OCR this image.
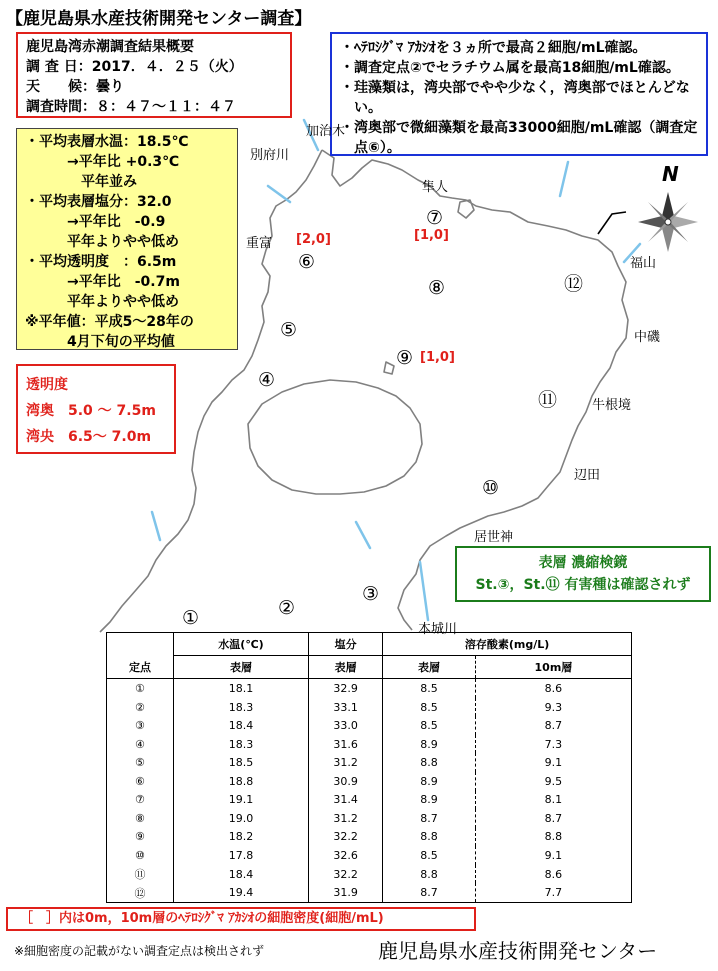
【鹿児島県水産技術開発センター調査】
鹿児島湾赤潮調査結果概要
調 査 日：2017．４．２５（火）
天　　候：曇り
調査時間：８：４７～１１：４７
・ﾍﾃﾛｼｸﾞﾏ ｱｶｼｵを３ヵ所で最高２細胞/mL確認。
・調査定点②でセラチウム属を最高18細胞/mL確認。
・珪藻類は，湾央部でやや少なく，湾奥部でほとんどない。
・湾奥部で微細藻類を最高33000細胞/mL確認（調査定点⑥）。
・平均表層水温：18.5℃
　　　→平年比 +0.3℃
　　　　平年並み
・平均表層塩分：32.0
　　　→平年比　-0.9
　　　平年よりやや低め
・平均透明度　：6.5m
　　　→平年比　-0.7m
　　　平年よりやや低め
※平年値：平成5～28年の
　　　4月下旬の平均値
透明度
湾奥　5.0 ～ 7.5m
湾央　6.5～ 7.0m
加治木
別府川
隼人
重富
福山
中磯
牛根境
辺田
居世神
本城川
N
①	②
③
④
⑤
⑥
⑦
⑧
⑨
⑩
⑪
⑫
[2,0]	[1,0]
[1,0]
表層 濃縮検鏡
St.③，St.⑪ 有害種は確認されず
	水温(℃)	塩分	溶存酸素(mg/L)	
定点	表層	表層	表層	10m層
①	18.1	32.9	8.5	8.6
②	18.3	33.1	8.5	9.3
③	18.4	33.0	8.5	8.7
④	18.3	31.6	8.9	7.3
⑤	18.5	31.2	8.8	9.1
⑥	18.8	30.9	8.9	9.5
⑦	19.1	31.4	8.9	8.1
⑧	19.0	31.2	8.7	8.7
⑨	18.2	32.2	8.8	8.8
⑩	17.8	32.6	8.5	9.1
⑪	18.4	32.2	8.8	8.6
⑫	19.4	31.9	8.7	7.7
［　］内は0m，10m層のﾍﾃﾛｼｸﾞﾏ ｱｶｼｵの細胞密度(細胞/mL)
※細胞密度の記載がない調査定点は検出されず	鹿児島県水産技術開発センター
